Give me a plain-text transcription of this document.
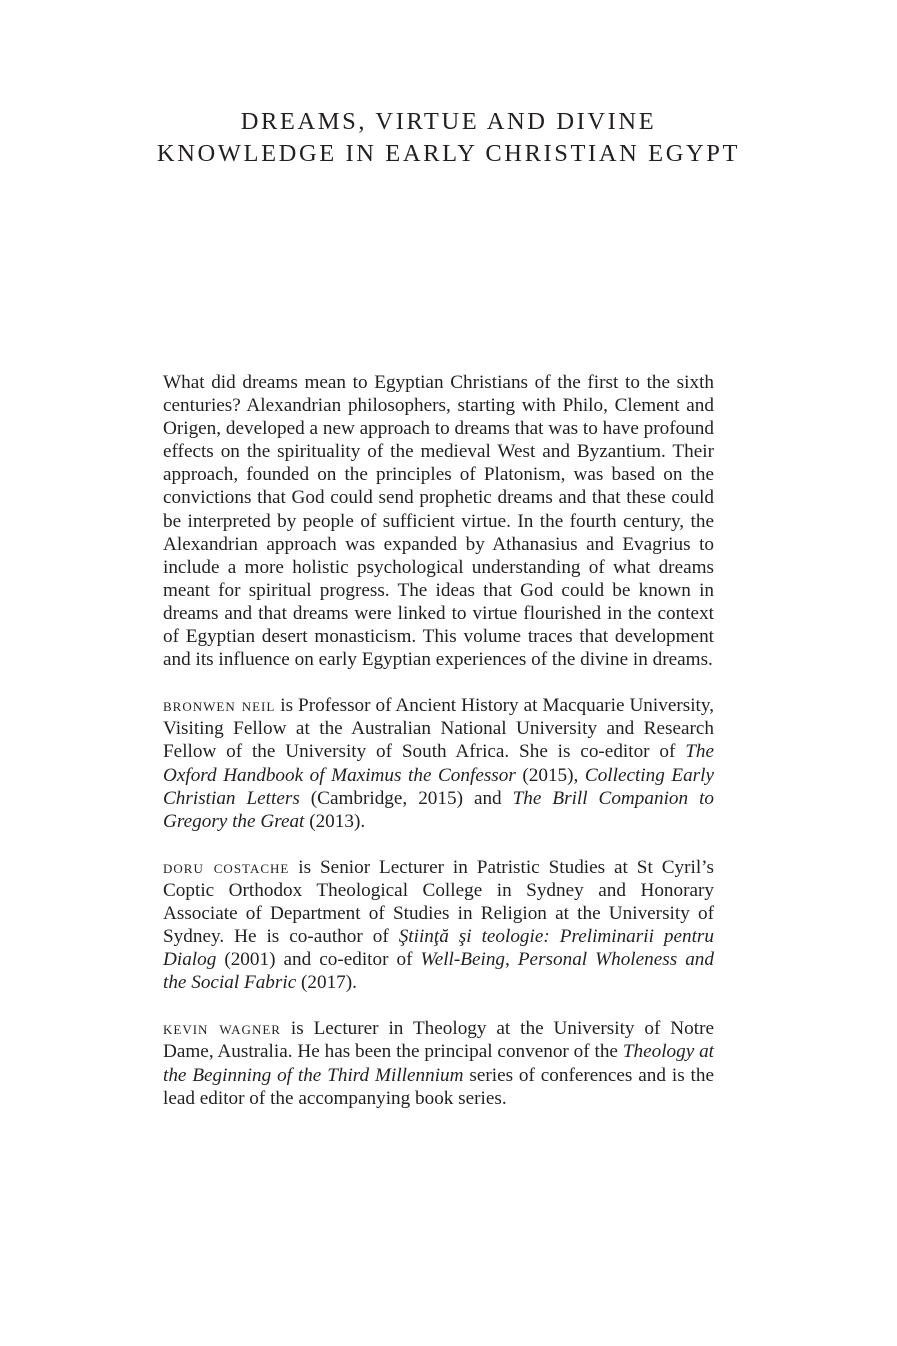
DREAMS, VIRTUE AND DIVINE
KNOWLEDGE IN EARLY CHRISTIAN EGYPT

What did dreams mean to Egyptian Christians of the first to the sixth centuries? Alexandrian philosophers, starting with Philo, Clement and Origen, developed a new approach to dreams that was to have profound effects on the spirituality of the medieval West and Byzantium. Their approach, founded on the principles of Platonism, was based on the convictions that God could send prophetic dreams and that these could be interpreted by people of sufficient virtue. In the fourth century, the Alexandrian approach was expanded by Athanasius and Evagrius to include a more holistic psychological understanding of what dreams meant for spiritual progress. The ideas that God could be known in dreams and that dreams were linked to virtue flourished in the context of Egyptian desert monasticism. This volume traces that development and its influence on early Egyptian experiences of the divine in dreams.

bronwen neil is Professor of Ancient History at Macquarie University, Visiting Fellow at the Australian National University and Research Fellow of the University of South Africa. She is co-editor of The Oxford Handbook of Maximus the Confessor (2015), Collecting Early Christian Letters (Cambridge, 2015) and The Brill Companion to Gregory the Great (2013).

doru costache is Senior Lecturer in Patristic Studies at St Cyril’s Coptic Orthodox Theological College in Sydney and Honorary Associate of Department of Studies in Religion at the University of Sydney. He is co-author of Ştiinţă şi teologie: Preliminarii pentru Dialog (2001) and co-editor of Well-Being, Personal Wholeness and the Social Fabric (2017).

kevin wagner is Lecturer in Theology at the University of Notre Dame, Australia. He has been the principal convenor of the Theology at the Beginning of the Third Millennium series of conferences and is the lead editor of the accompanying book series.
